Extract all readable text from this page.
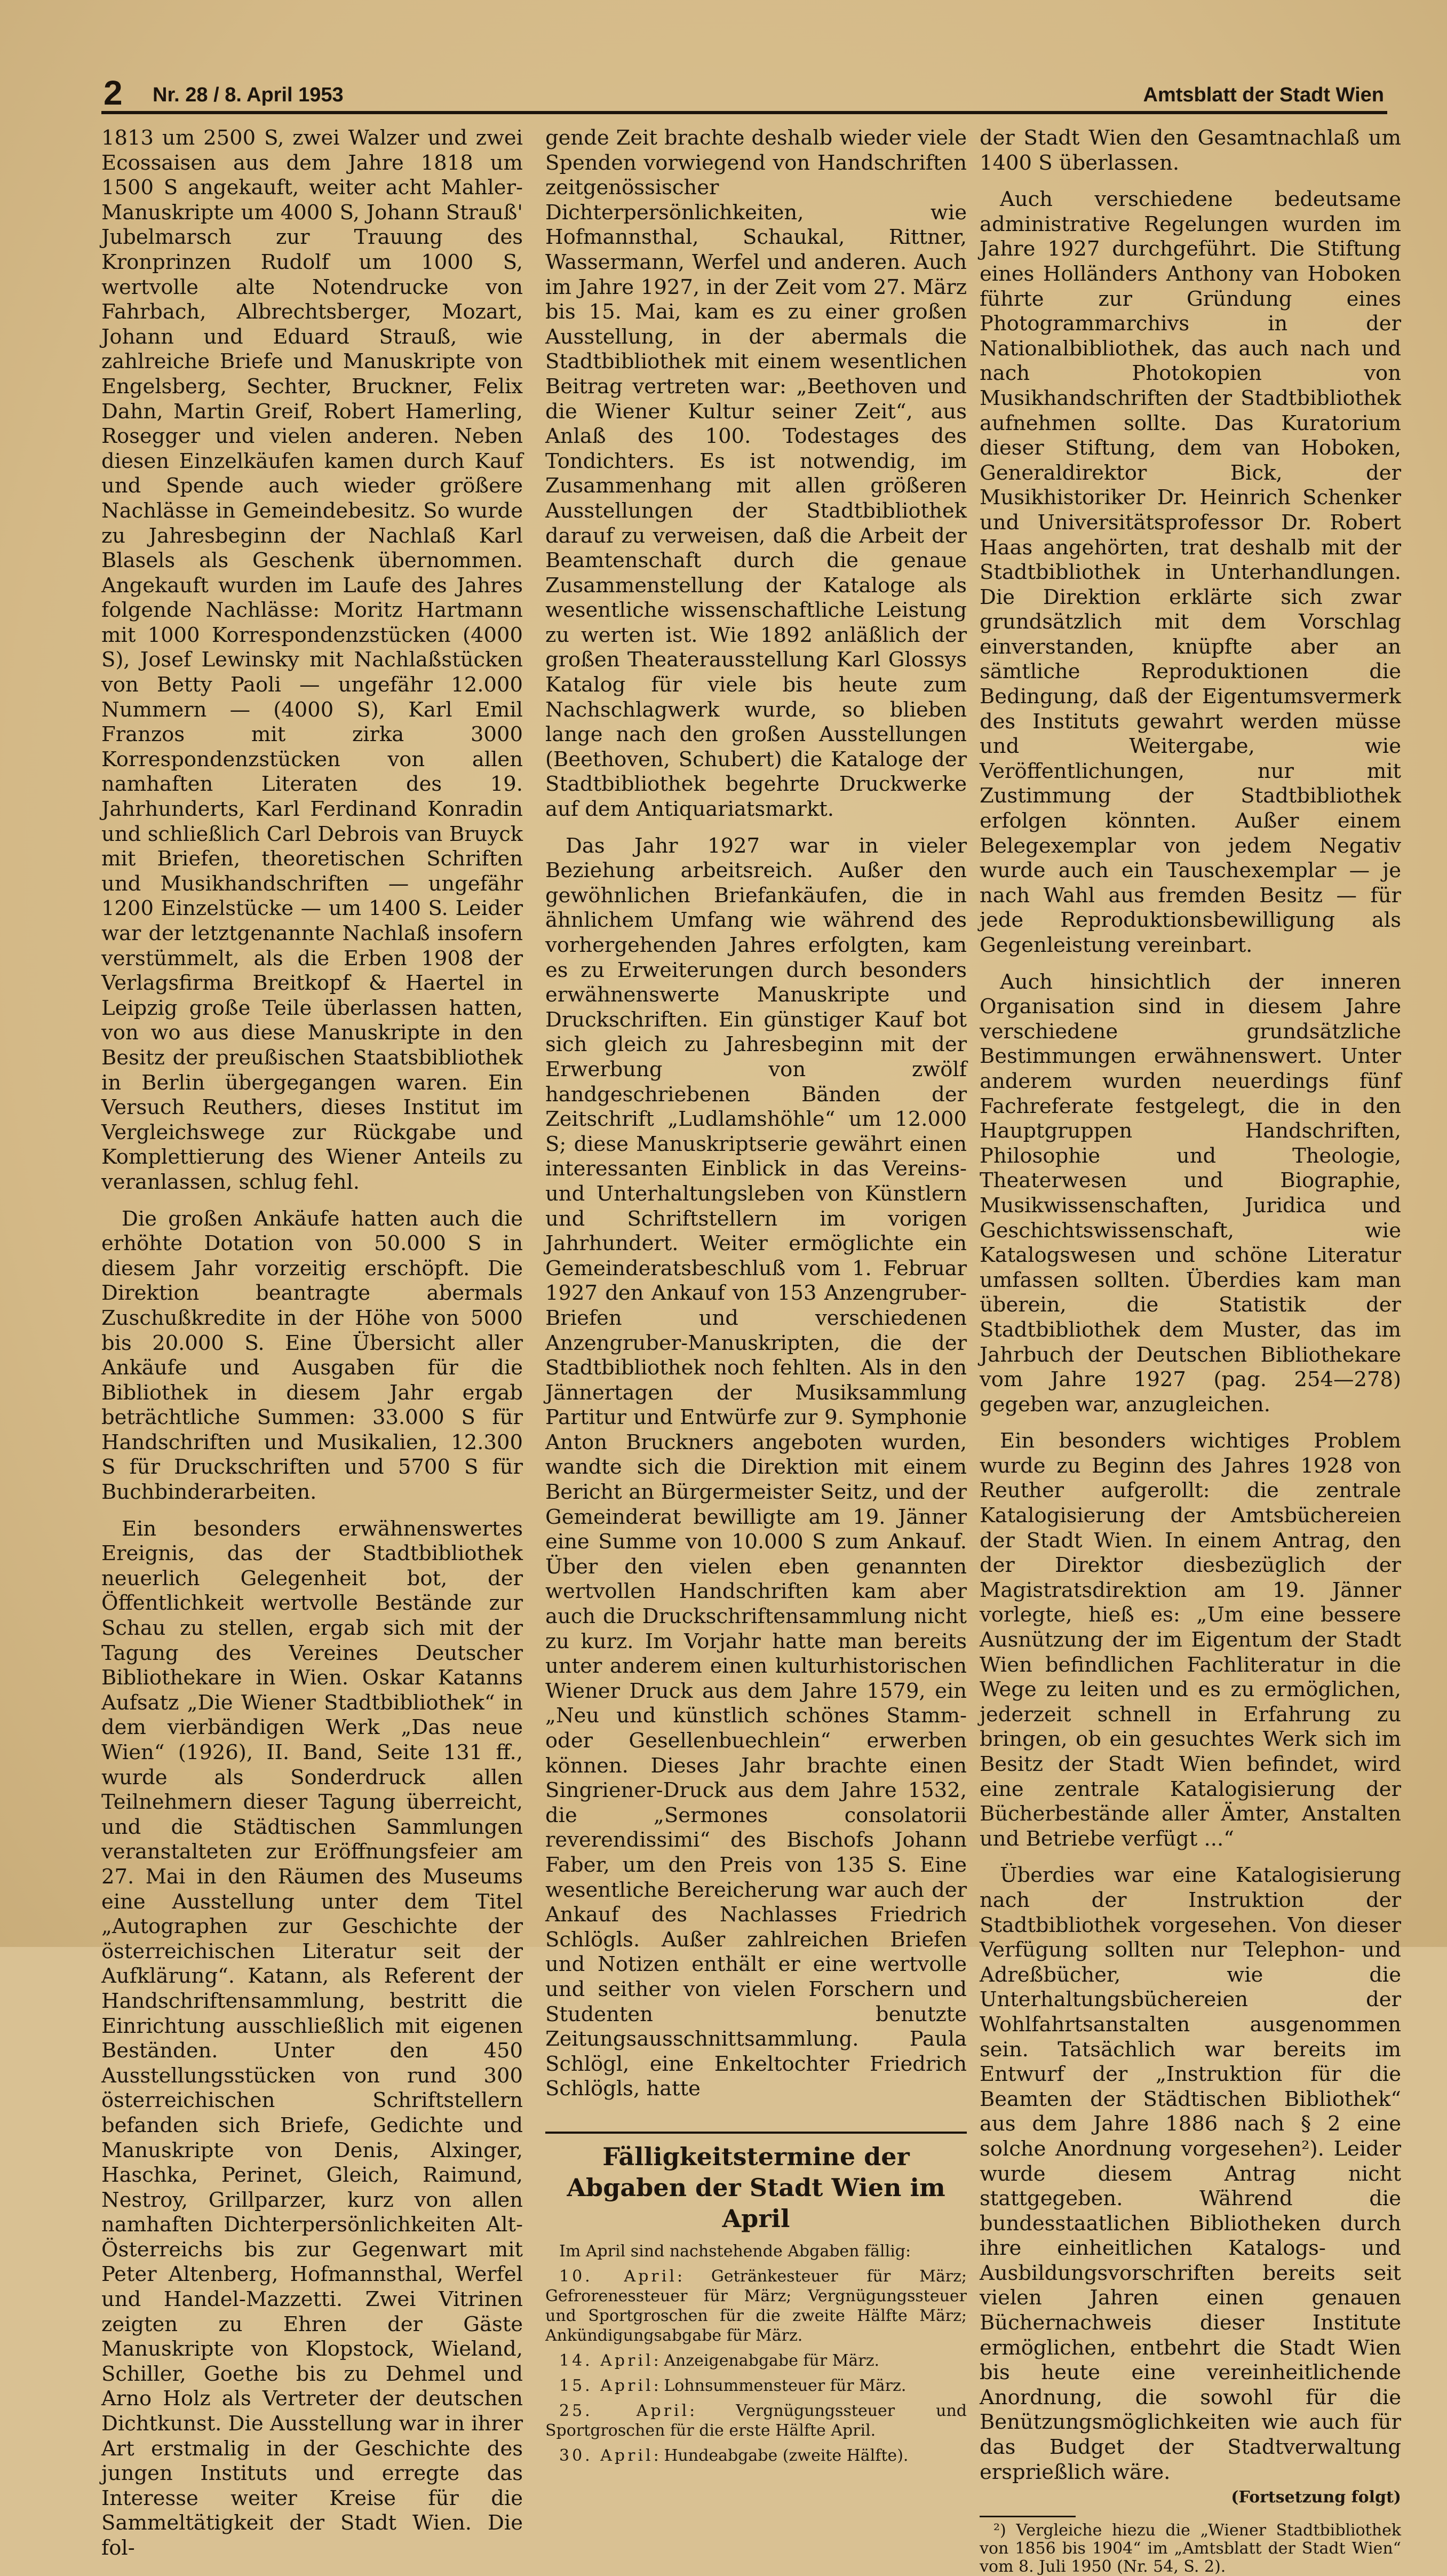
2 Nr. 28 / 8. April 1953	Amtsblatt der Stadt Wien

1813 um 2500 S, zwei Walzer und zwei Ecossaisen aus dem Jahre 1818 um 1500 S angekauft, weiter acht Mahler-Manuskripte um 4000 S, Johann Strauß' Jubelmarsch zur Trauung des Kronprinzen Rudolf um 1000 S, wertvolle alte Notendrucke von Fahrbach, Albrechtsberger, Mozart, Johann und Eduard Strauß, wie zahlreiche Briefe und Manuskripte von Engelsberg, Sechter, Bruckner, Felix Dahn, Martin Greif, Robert Hamerling, Rosegger und vielen anderen. Neben diesen Einzelkäufen kamen durch Kauf und Spende auch wieder größere Nachlässe in Gemeindebesitz. So wurde zu Jahresbeginn der Nachlaß Karl Blasels als Geschenk übernommen. Angekauft wurden im Laufe des Jahres folgende Nachlässe: Moritz Hartmann mit 1000 Korrespondenzstücken (4000 S), Josef Lewinsky mit Nachlaßstücken von Betty Paoli — ungefähr 12.000 Nummern — (4000 S), Karl Emil Franzos mit zirka 3000 Korrespondenzstücken von allen namhaften Literaten des 19. Jahrhunderts, Karl Ferdinand Konradin und schließlich Carl Debrois van Bruyck mit Briefen, theoretischen Schriften und Musikhandschriften — ungefähr 1200 Einzelstücke — um 1400 S. Leider war der letztgenannte Nachlaß insofern verstümmelt, als die Erben 1908 der Verlagsfirma Breitkopf & Haertel in Leipzig große Teile überlassen hatten, von wo aus diese Manuskripte in den Besitz der preußischen Staatsbibliothek in Berlin übergegangen waren. Ein Versuch Reuthers, dieses Institut im Vergleichswege zur Rückgabe und Komplettierung des Wiener Anteils zu veranlassen, schlug fehl.

Die großen Ankäufe hatten auch die erhöhte Dotation von 50.000 S in diesem Jahr vorzeitig erschöpft. Die Direktion beantragte abermals Zuschußkredite in der Höhe von 5000 bis 20.000 S. Eine Übersicht aller Ankäufe und Ausgaben für die Bibliothek in diesem Jahr ergab beträchtliche Summen: 33.000 S für Handschriften und Musikalien, 12.300 S für Druckschriften und 5700 S für Buchbinderarbeiten.

Ein besonders erwähnenswertes Ereignis, das der Stadtbibliothek neuerlich Gelegenheit bot, der Öffentlichkeit wertvolle Bestände zur Schau zu stellen, ergab sich mit der Tagung des Vereines Deutscher Bibliothekare in Wien. Oskar Katanns Aufsatz „Die Wiener Stadtbibliothek“ in dem vierbändigen Werk „Das neue Wien“ (1926), II. Band, Seite 131 ff., wurde als Sonderdruck allen Teilnehmern dieser Tagung überreicht, und die Städtischen Sammlungen veranstalteten zur Eröffnungsfeier am 27. Mai in den Räumen des Museums eine Ausstellung unter dem Titel „Autographen zur Geschichte der österreichischen Literatur seit der Aufklärung“. Katann, als Referent der Handschriftensammlung, bestritt die Einrichtung ausschließlich mit eigenen Beständen. Unter den 450 Ausstellungsstücken von rund 300 österreichischen Schriftstellern befanden sich Briefe, Gedichte und Manuskripte von Denis, Alxinger, Haschka, Perinet, Gleich, Raimund, Nestroy, Grillparzer, kurz von allen namhaften Dichterpersönlichkeiten Alt-Österreichs bis zur Gegenwart mit Peter Altenberg, Hofmannsthal, Werfel und Handel-Mazzetti. Zwei Vitrinen zeigten zu Ehren der Gäste Manuskripte von Klopstock, Wieland, Schiller, Goethe bis zu Dehmel und Arno Holz als Vertreter der deutschen Dichtkunst. Die Ausstellung war in ihrer Art erstmalig in der Geschichte des jungen Instituts und erregte das Interesse weiter Kreise für die Sammeltätigkeit der Stadt Wien. Die fol-

gende Zeit brachte deshalb wieder viele Spenden vorwiegend von Handschriften zeitgenössischer Dichterpersönlichkeiten, wie Hofmannsthal, Schaukal, Rittner, Wassermann, Werfel und anderen. Auch im Jahre 1927, in der Zeit vom 27. März bis 15. Mai, kam es zu einer großen Ausstellung, in der abermals die Stadtbibliothek mit einem wesentlichen Beitrag vertreten war: „Beethoven und die Wiener Kultur seiner Zeit“, aus Anlaß des 100. Todestages des Tondichters. Es ist notwendig, im Zusammenhang mit allen größeren Ausstellungen der Stadtbibliothek darauf zu verweisen, daß die Arbeit der Beamtenschaft durch die genaue Zusammenstellung der Kataloge als wesentliche wissenschaftliche Leistung zu werten ist. Wie 1892 anläßlich der großen Theaterausstellung Karl Glossys Katalog für viele bis heute zum Nachschlagwerk wurde, so blieben lange nach den großen Ausstellungen (Beethoven, Schubert) die Kataloge der Stadtbibliothek begehrte Druckwerke auf dem Antiquariatsmarkt.

Das Jahr 1927 war in vieler Beziehung arbeitsreich. Außer den gewöhnlichen Briefankäufen, die in ähnlichem Umfang wie während des vorhergehenden Jahres erfolgten, kam es zu Erweiterungen durch besonders erwähnenswerte Manuskripte und Druckschriften. Ein günstiger Kauf bot sich gleich zu Jahresbeginn mit der Erwerbung von zwölf handgeschriebenen Bänden der Zeitschrift „Ludlamshöhle“ um 12.000 S; diese Manuskriptserie gewährt einen interessanten Einblick in das Vereins- und Unterhaltungsleben von Künstlern und Schriftstellern im vorigen Jahrhundert. Weiter ermöglichte ein Gemeinderatsbeschluß vom 1. Februar 1927 den Ankauf von 153 Anzengruber-Briefen und verschiedenen Anzengruber-Manuskripten, die der Stadtbibliothek noch fehlten. Als in den Jännertagen der Musiksammlung Partitur und Entwürfe zur 9. Symphonie Anton Bruckners angeboten wurden, wandte sich die Direktion mit einem Bericht an Bürgermeister Seitz, und der Gemeinderat bewilligte am 19. Jänner eine Summe von 10.000 S zum Ankauf. Über den vielen eben genannten wertvollen Handschriften kam aber auch die Druckschriftensammlung nicht zu kurz. Im Vorjahr hatte man bereits unter anderem einen kulturhistorischen Wiener Druck aus dem Jahre 1579, ein „Neu und künstlich schönes Stamm- oder Gesellenbuechlein“ erwerben können. Dieses Jahr brachte einen Singriener-Druck aus dem Jahre 1532, die „Sermones consolatorii reverendissimi“ des Bischofs Johann Faber, um den Preis von 135 S. Eine wesentliche Bereicherung war auch der Ankauf des Nachlasses Friedrich Schlögls. Außer zahlreichen Briefen und Notizen enthält er eine wertvolle und seither von vielen Forschern und Studenten benutzte Zeitungsausschnittsammlung. Paula Schlögl, eine Enkeltochter Friedrich Schlögls, hatte

Fälligkeitstermine der Abgaben der Stadt Wien im April

Im April sind nachstehende Abgaben fällig:

10. April: Getränkesteuer für März; Gefrorenessteuer für März; Vergnügungssteuer und Sportgroschen für die zweite Hälfte März; Ankündigungsabgabe für März.

14. April: Anzeigenabgabe für März.

15. April: Lohnsummensteuer für März.

25. April: Vergnügungssteuer und Sportgroschen für die erste Hälfte April.

30. April: Hundeabgabe (zweite Hälfte).

der Stadt Wien den Gesamtnachlaß um 1400 S überlassen.

Auch verschiedene bedeutsame administrative Regelungen wurden im Jahre 1927 durchgeführt. Die Stiftung eines Holländers Anthony van Hoboken führte zur Gründung eines Photogrammarchivs in der Nationalbibliothek, das auch nach und nach Photokopien von Musikhandschriften der Stadtbibliothek aufnehmen sollte. Das Kuratorium dieser Stiftung, dem van Hoboken, Generaldirektor Bick, der Musikhistoriker Dr. Heinrich Schenker und Universitätsprofessor Dr. Robert Haas angehörten, trat deshalb mit der Stadtbibliothek in Unterhandlungen. Die Direktion erklärte sich zwar grundsätzlich mit dem Vorschlag einverstanden, knüpfte aber an sämtliche Reproduktionen die Bedingung, daß der Eigentumsvermerk des Instituts gewahrt werden müsse und Weitergabe, wie Veröffentlichungen, nur mit Zustimmung der Stadtbibliothek erfolgen könnten. Außer einem Belegexemplar von jedem Negativ wurde auch ein Tauschexemplar — je nach Wahl aus fremden Besitz — für jede Reproduktionsbewilligung als Gegenleistung vereinbart.

Auch hinsichtlich der inneren Organisation sind in diesem Jahre verschiedene grundsätzliche Bestimmungen erwähnenswert. Unter anderem wurden neuerdings fünf Fachreferate festgelegt, die in den Hauptgruppen Handschriften, Philosophie und Theologie, Theaterwesen und Biographie, Musikwissenschaften, Juridica und Geschichtswissenschaft, wie Katalogswesen und schöne Literatur umfassen sollten. Überdies kam man überein, die Statistik der Stadtbibliothek dem Muster, das im Jahrbuch der Deutschen Bibliothekare vom Jahre 1927 (pag. 254—278) gegeben war, anzugleichen.

Ein besonders wichtiges Problem wurde zu Beginn des Jahres 1928 von Reuther aufgerollt: die zentrale Katalogisierung der Amtsbüchereien der Stadt Wien. In einem Antrag, den der Direktor diesbezüglich der Magistratsdirektion am 19. Jänner vorlegte, hieß es: „Um eine bessere Ausnützung der im Eigentum der Stadt Wien befindlichen Fachliteratur in die Wege zu leiten und es zu ermöglichen, jederzeit schnell in Erfahrung zu bringen, ob ein gesuchtes Werk sich im Besitz der Stadt Wien befindet, wird eine zentrale Katalogisierung der Bücherbestände aller Ämter, Anstalten und Betriebe verfügt ...“

Überdies war eine Katalogisierung nach der Instruktion der Stadtbibliothek vorgesehen. Von dieser Verfügung sollten nur Telephon- und Adreßbücher, wie die Unterhaltungsbüchereien der Wohlfahrtsanstalten ausgenommen sein. Tatsächlich war bereits im Entwurf der „Instruktion für die Beamten der Städtischen Bibliothek“ aus dem Jahre 1886 nach § 2 eine solche Anordnung vorgesehen²). Leider wurde diesem Antrag nicht stattgegeben. Während die bundesstaatlichen Bibliotheken durch ihre einheitlichen Katalogs- und Ausbildungsvorschriften bereits seit vielen Jahren einen genauen Büchernachweis dieser Institute ermöglichen, entbehrt die Stadt Wien bis heute eine vereinheitlichende Anordnung, die sowohl für die Benützungsmöglichkeiten wie auch für das Budget der Stadtverwaltung ersprießlich wäre.

(Fortsetzung folgt)

²) Vergleiche hiezu die „Wiener Stadtbibliothek von 1856 bis 1904“ im „Amtsblatt der Stadt Wien“ vom 8. Juli 1950 (Nr. 54, S. 2).
